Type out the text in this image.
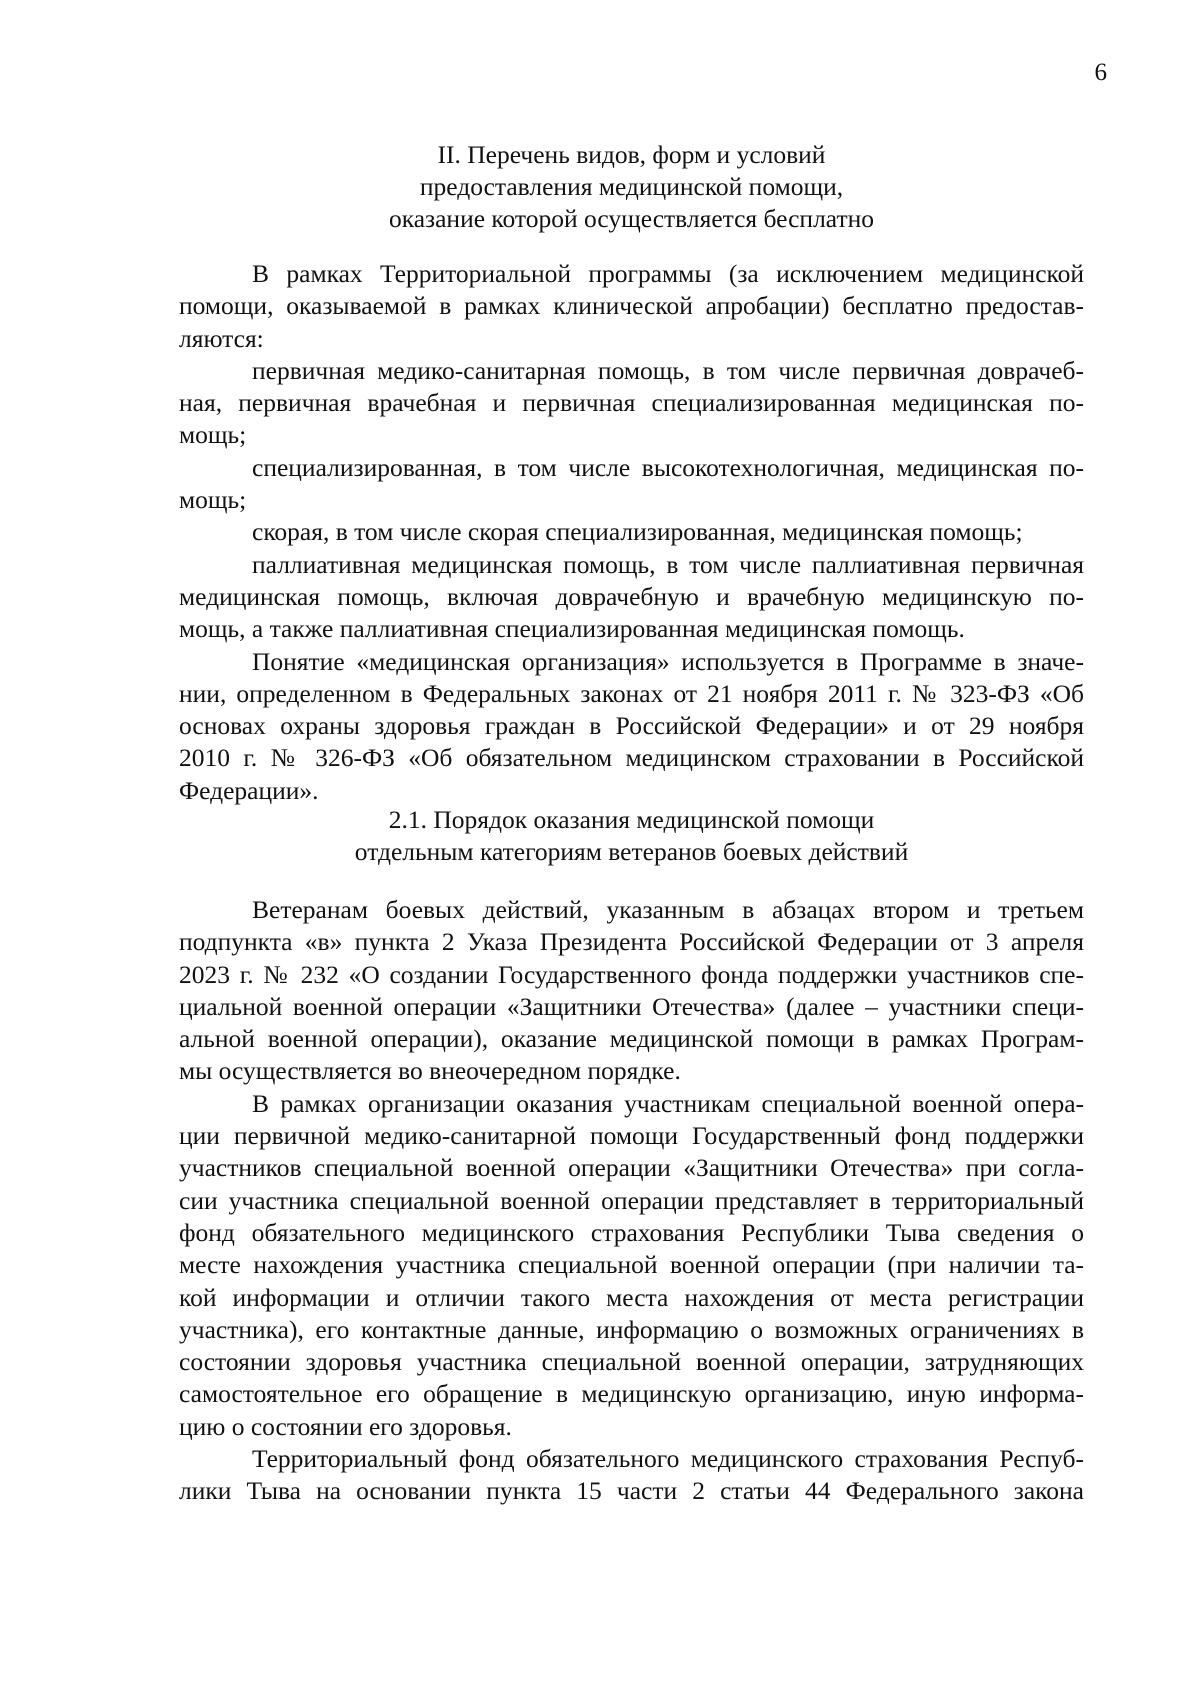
6
II. Перечень видов, форм и условий
предоставления медицинской помощи,
оказание которой осуществляется бесплатно
В рамках Территориальной программы (за исключением медицинской
помощи, оказываемой в рамках клинической апробации) бесплатно предостав-
ляются:
первичная медико-санитарная помощь, в том числе первичная доврачеб-
ная, первичная врачебная и первичная специализированная медицинская по-
мощь;
специализированная, в том числе высокотехнологичная, медицинская по-
мощь;
скорая, в том числе скорая специализированная, медицинская помощь;
паллиативная медицинская помощь, в том числе паллиативная первичная
медицинская помощь, включая доврачебную и врачебную медицинскую по-
мощь, а также паллиативная специализированная медицинская помощь.
Понятие «медицинская организация» используется в Программе в значе-
нии, определенном в Федеральных законах от 21 ноября 2011 г. № 323-ФЗ «Об
основах охраны здоровья граждан в Российской Федерации» и от 29 ноября
2010 г. № 326-ФЗ «Об обязательном медицинском страховании в Российской
Федерации».
2.1. Порядок оказания медицинской помощи
отдельным категориям ветеранов боевых действий
Ветеранам боевых действий, указанным в абзацах втором и третьем
подпункта «в» пункта 2 Указа Президента Российской Федерации от 3 апреля
2023 г. № 232 «О создании Государственного фонда поддержки участников спе-
циальной военной операции «Защитники Отечества» (далее – участники специ-
альной военной операции), оказание медицинской помощи в рамках Програм-
мы осуществляется во внеочередном порядке.
В рамках организации оказания участникам специальной военной опера-
ции первичной медико-санитарной помощи Государственный фонд поддержки
участников специальной военной операции «Защитники Отечества» при согла-
сии участника специальной военной операции представляет в территориальный
фонд обязательного медицинского страхования Республики Тыва сведения о
месте нахождения участника специальной военной операции (при наличии та-
кой информации и отличии такого места нахождения от места регистрации
участника), его контактные данные, информацию о возможных ограничениях в
состоянии здоровья участника специальной военной операции, затрудняющих
самостоятельное его обращение в медицинскую организацию, иную информа-
цию о состоянии его здоровья.
Территориальный фонд обязательного медицинского страхования Респуб-
лики Тыва на основании пункта 15 части 2 статьи 44 Федерального закона
